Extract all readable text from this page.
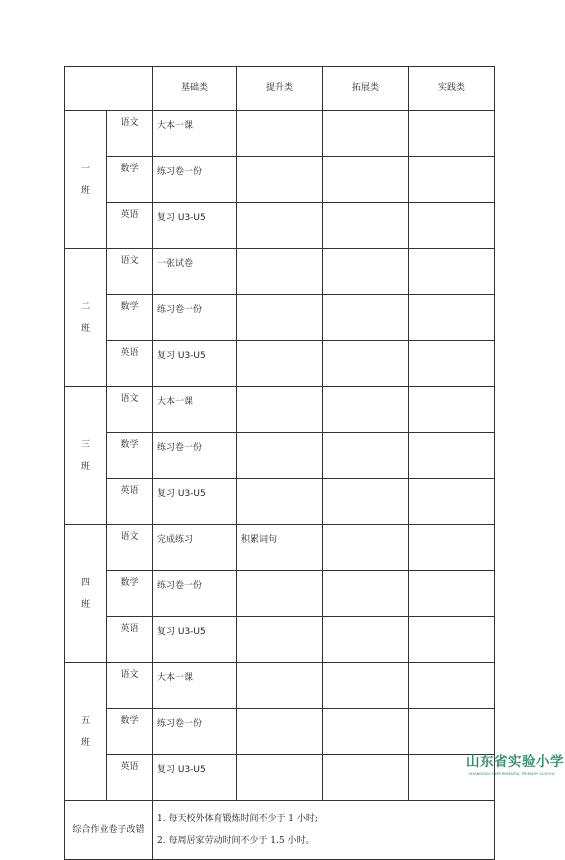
		基础类	提升类	拓展类	实践类

一
班	语文	大本一课			
	数学	练习卷一份			
	英语	复习 U3-U5			

二
班	语文	一张试卷			
	数学	练习卷一份			
	英语	复习 U3-U5			

三
班	语文	大本一课			
	数学	练习卷一份			
	英语	复习 U3-U5			

四
班	语文	完成练习	积累词句		
	数学	练习卷一份			
	英语	复习 U3-U5			

五
班	语文	大本一课			
	数学	练习卷一份			
	英语	复习 U3-U5			
综合作业卷子改错		1. 每天校外体育锻炼时间不少于 1 小时;
2. 每周居家劳动时间不少于 1.5 小时。			
山东省实验小学
SHANDONG EXPERIMENTAL PRIMARY SCHOOL
